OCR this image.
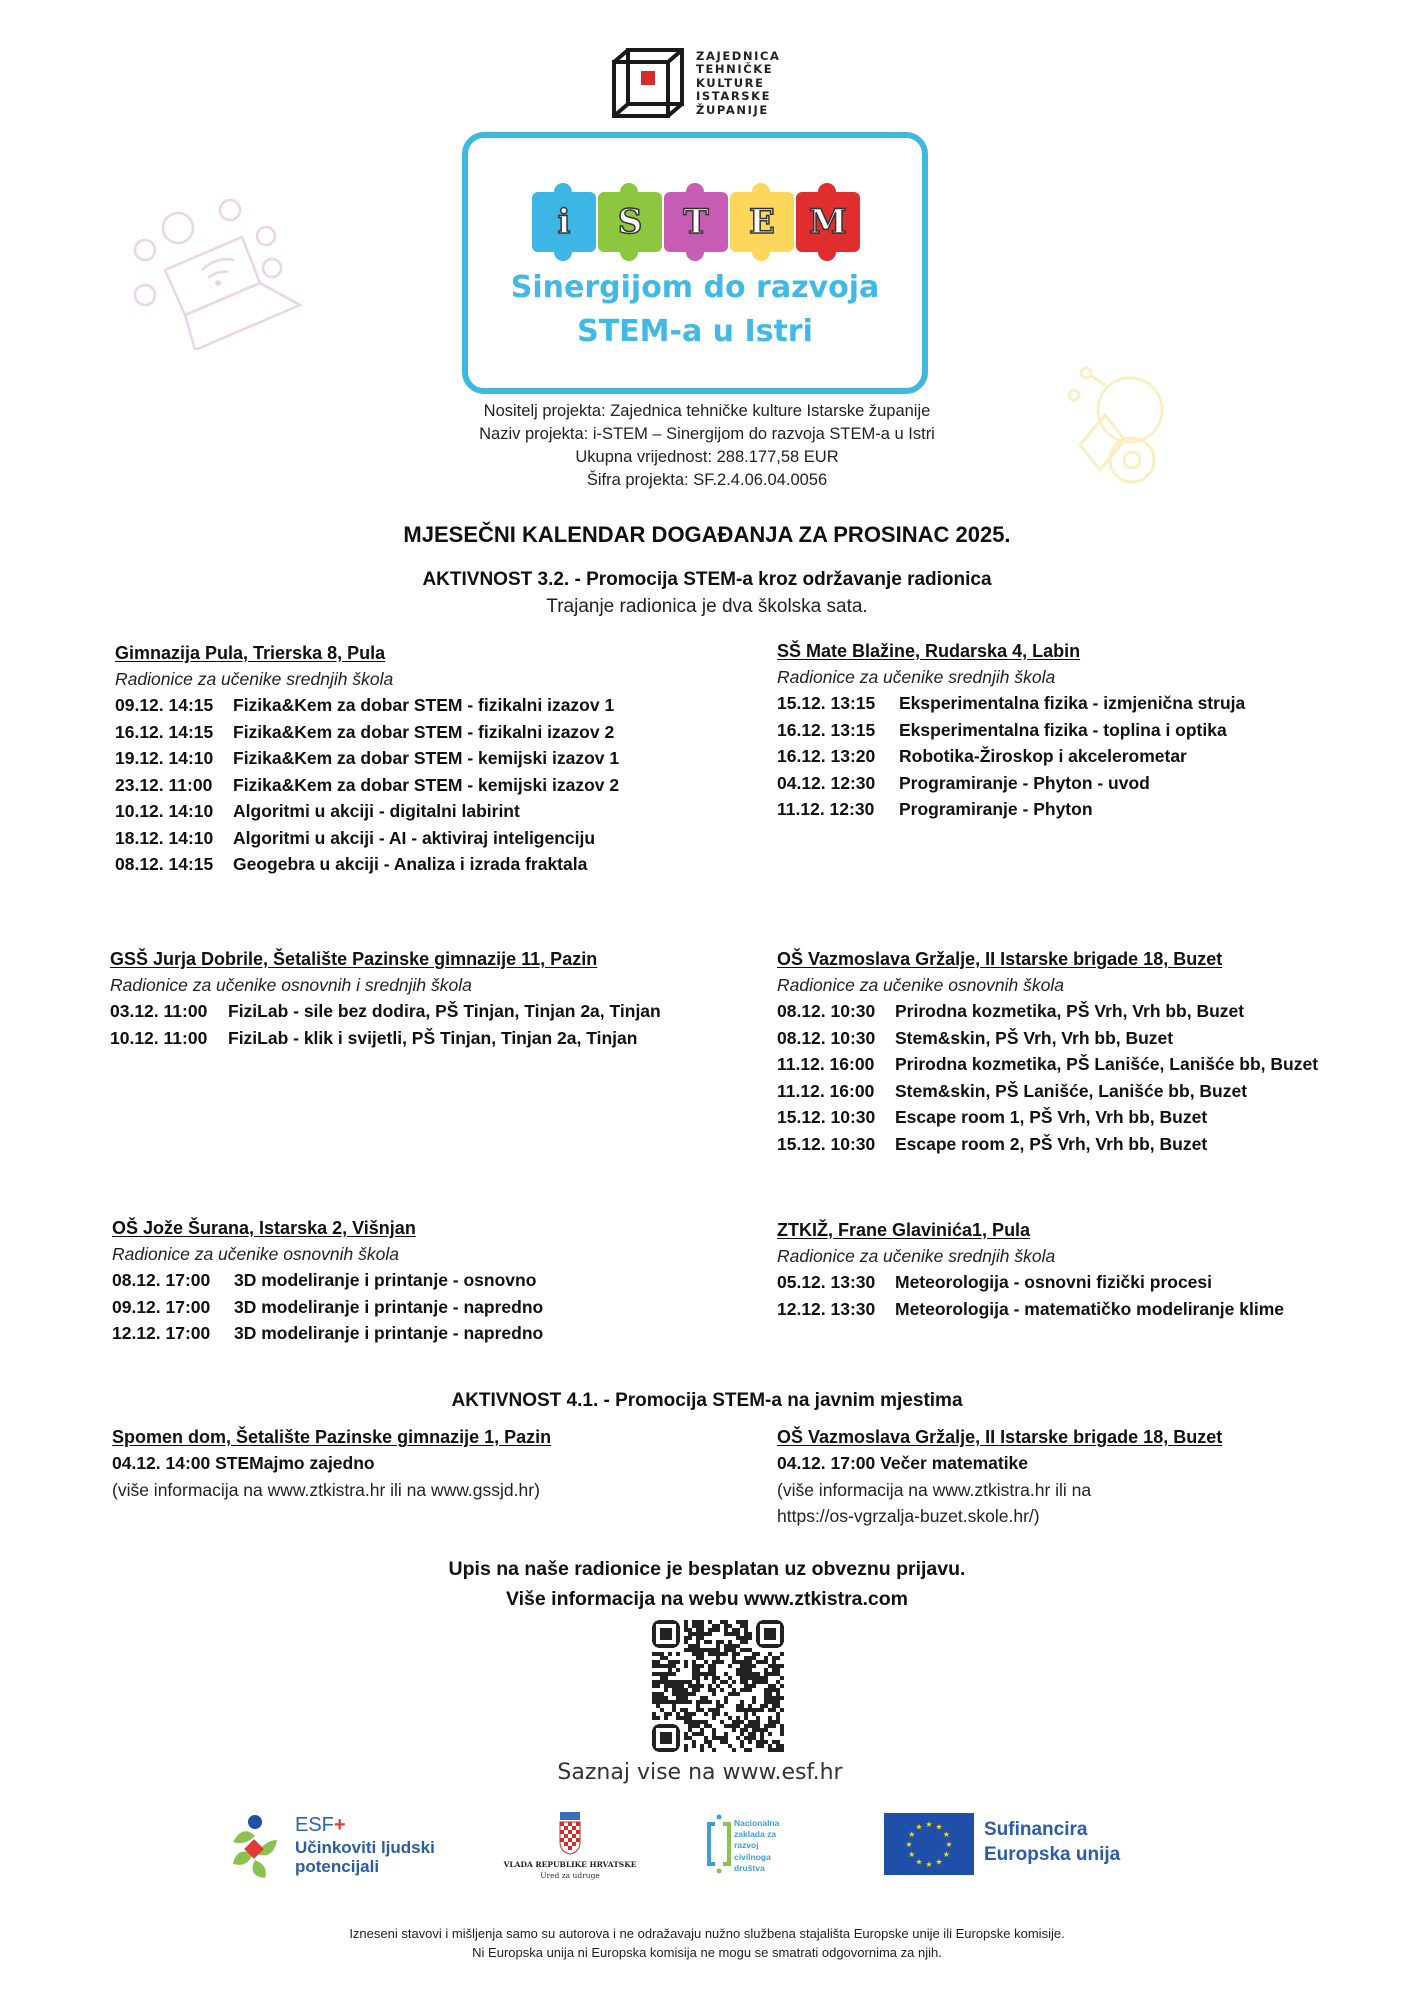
ZAJEDNICA
TEHNIČKE
KULTURE
ISTARSKE
ŽUPANIJE
i	S	T	E	M
Sinergijom do razvoja
STEM-a u Istri
Nositelj projekta: Zajednica tehničke kulture Istarske županije
Naziv projekta: i-STEM – Sinergijom do razvoja STEM-a u Istri
Ukupna vrijednost: 288.177,58 EUR
Šifra projekta: SF.2.4.06.04.0056
MJESEČNI KALENDAR DOGAĐANJA ZA PROSINAC 2025.
AKTIVNOST 3.2. - Promocija STEM-a kroz održavanje radionica
Trajanje radionica je dva školska sata.
Gimnazija Pula, Trierska 8, Pula
Radionice za učenike srednjih škola
09.12. 14:15 Fizika&Kem za dobar STEM - fizikalni izazov 1
16.12. 14:15 Fizika&Kem za dobar STEM - fizikalni izazov 2
19.12. 14:10 Fizika&Kem za dobar STEM - kemijski izazov 1
23.12. 11:00 Fizika&Kem za dobar STEM - kemijski izazov 2
10.12. 14:10 Algoritmi u akciji - digitalni labirint
18.12. 14:10 Algoritmi u akciji - AI - aktiviraj inteligenciju
08.12. 14:15 Geogebra u akciji - Analiza i izrada fraktala
SŠ Mate Blažine, Rudarska 4, Labin
Radionice za učenike srednjih škola
15.12. 13:15 Eksperimentalna fizika - izmjenična struja
16.12. 13:15 Eksperimentalna fizika - toplina i optika
16.12. 13:20 Robotika-Žiroskop i akcelerometar
04.12. 12:30 Programiranje - Phyton - uvod
11.12. 12:30 Programiranje - Phyton
GSŠ Jurja Dobrile, Šetalište Pazinske gimnazije 11, Pazin
Radionice za učenike osnovnih i srednjih škola
03.12. 11:00 FiziLab - sile bez dodira, PŠ Tinjan, Tinjan 2a, Tinjan
10.12. 11:00 FiziLab - klik i svijetli, PŠ Tinjan, Tinjan 2a, Tinjan
OŠ Vazmoslava Gržalje, II Istarske brigade 18, Buzet
Radionice za učenike osnovnih škola
08.12. 10:30 Prirodna kozmetika, PŠ Vrh, Vrh bb, Buzet
08.12. 10:30 Stem&skin, PŠ Vrh, Vrh bb, Buzet
11.12. 16:00 Prirodna kozmetika, PŠ Lanišće, Lanišće bb, Buzet
11.12. 16:00 Stem&skin, PŠ Lanišće, Lanišće bb, Buzet
15.12. 10:30 Escape room 1, PŠ Vrh, Vrh bb, Buzet
15.12. 10:30 Escape room 2, PŠ Vrh, Vrh bb, Buzet
OŠ Jože Šurana, Istarska 2, Višnjan
Radionice za učenike osnovnih škola
08.12. 17:00 3D modeliranje i printanje - osnovno
09.12. 17:00 3D modeliranje i printanje - napredno
12.12. 17:00 3D modeliranje i printanje - napredno
ZTKIŽ, Frane Glavinića1, Pula
Radionice za učenike srednjih škola
05.12. 13:30 Meteorologija - osnovni fizički procesi
12.12. 13:30 Meteorologija - matematičko modeliranje klime
AKTIVNOST 4.1. - Promocija STEM-a na javnim mjestima
Spomen dom, Šetalište Pazinske gimnazije 1, Pazin
04.12. 14:00 STEMajmo zajedno
(više informacija na www.ztkistra.hr ili na www.gssjd.hr)
OŠ Vazmoslava Gržalje, II Istarske brigade 18, Buzet
04.12. 17:00 Večer matematike
(više informacija na www.ztkistra.hr ili na
https://os-vgrzalja-buzet.skole.hr/)
Upis na naše radionice je besplatan uz obveznu prijavu.
Više informacija na webu www.ztkistra.com
Saznaj vise na www.esf.hr
ESF+
Učinkoviti ljudski
potencijali	VLADA REPUBLIKE HRVATSKE
Ured za udruge
Nacionalna
zaklada za
razvoj
civilnoga
društva
★ ★
★
★
★
★
★
★
★
★
★
★	Sufinancira
Europska unija
Izneseni stavovi i mišljenja samo su autorova i ne odražavaju nužno službena stajališta Europske unije ili Europske komisije.
Ni Europska unija ni Europska komisija ne mogu se smatrati odgovornima za njih.
